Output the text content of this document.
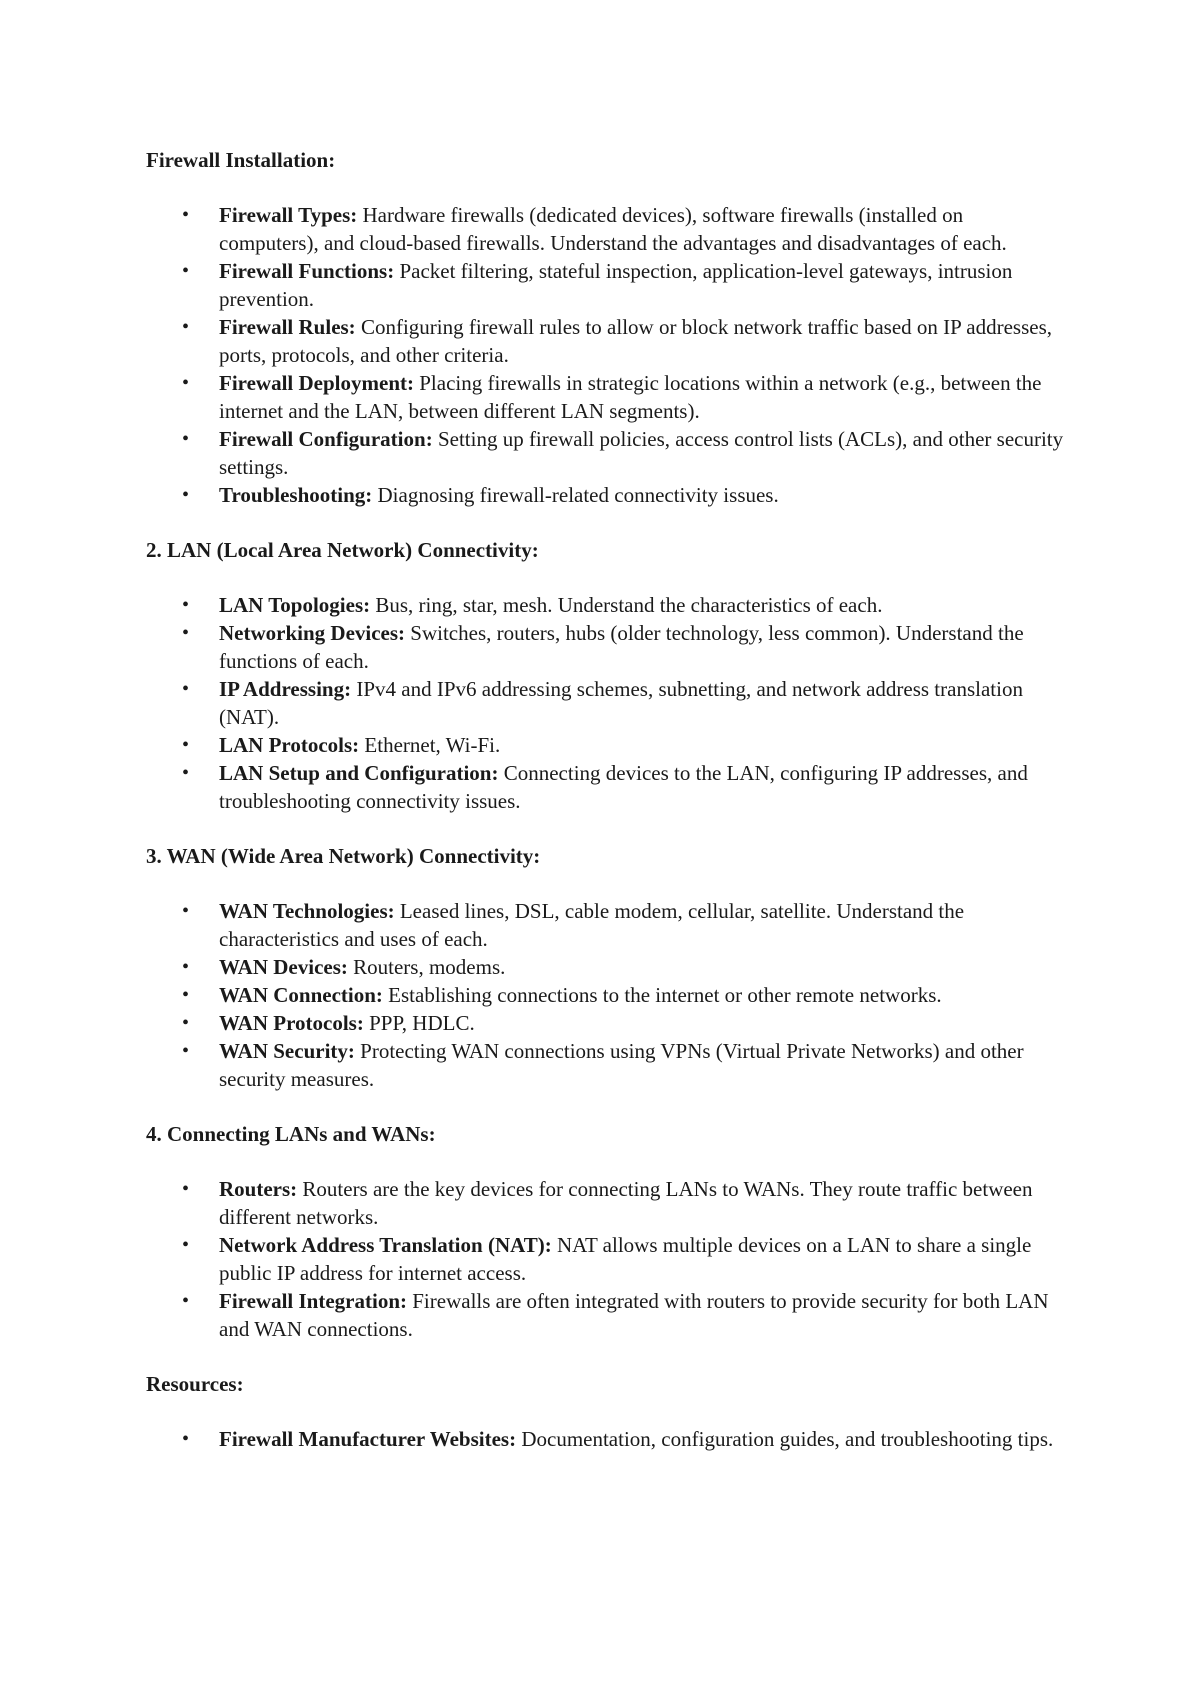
Firewall Installation:

• Firewall Types: Hardware firewalls (dedicated devices), software firewalls (installed on computers), and cloud-based firewalls. Understand the advantages and disadvantages of each.
• Firewall Functions: Packet filtering, stateful inspection, application-level gateways, intrusion prevention.
• Firewall Rules: Configuring firewall rules to allow or block network traffic based on IP addresses, ports, protocols, and other criteria.
• Firewall Deployment: Placing firewalls in strategic locations within a network (e.g., between the internet and the LAN, between different LAN segments).
• Firewall Configuration: Setting up firewall policies, access control lists (ACLs), and other security settings.
• Troubleshooting: Diagnosing firewall-related connectivity issues.

2. LAN (Local Area Network) Connectivity:

• LAN Topologies: Bus, ring, star, mesh. Understand the characteristics of each.
• Networking Devices: Switches, routers, hubs (older technology, less common). Understand the functions of each.
• IP Addressing: IPv4 and IPv6 addressing schemes, subnetting, and network address translation (NAT).
• LAN Protocols: Ethernet, Wi-Fi.
• LAN Setup and Configuration: Connecting devices to the LAN, configuring IP addresses, and troubleshooting connectivity issues.

3. WAN (Wide Area Network) Connectivity:

• WAN Technologies: Leased lines, DSL, cable modem, cellular, satellite. Understand the characteristics and uses of each.
• WAN Devices: Routers, modems.
• WAN Connection: Establishing connections to the internet or other remote networks.
• WAN Protocols: PPP, HDLC.
• WAN Security: Protecting WAN connections using VPNs (Virtual Private Networks) and other security measures.

4. Connecting LANs and WANs:

• Routers: Routers are the key devices for connecting LANs to WANs. They route traffic between different networks.
• Network Address Translation (NAT): NAT allows multiple devices on a LAN to share a single public IP address for internet access.
• Firewall Integration: Firewalls are often integrated with routers to provide security for both LAN and WAN connections.

Resources:

• Firewall Manufacturer Websites: Documentation, configuration guides, and troubleshooting tips.
